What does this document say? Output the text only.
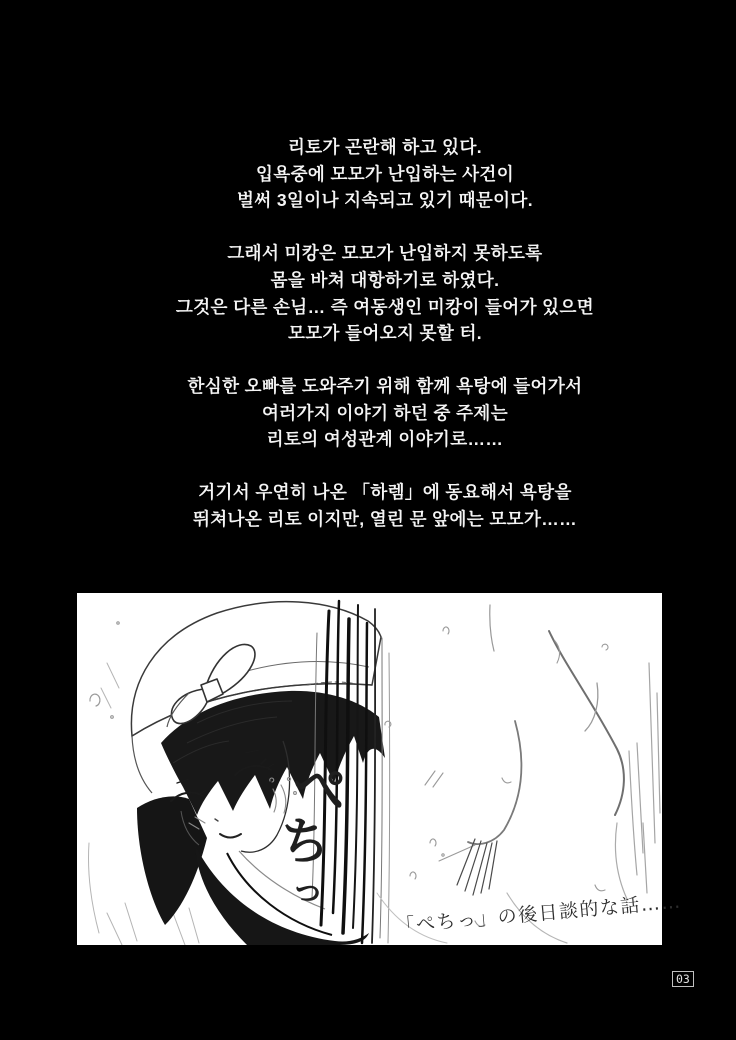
리토가 곤란해 하고 있다.
입욕중에 모모가 난입하는 사건이
벌써 3일이나 지속되고 있기 때문이다.
그래서 미캉은 모모가 난입하지 못하도록
몸을 바쳐 대항하기로 하였다.
그것은 다른 손님… 즉 여동생인 미캉이 들어가 있으면
모모가 들어오지 못할 터.
한심한 오빠를 도와주기 위해 함께 욕탕에 들어가서
여러가지 이야기 하던 중 주제는
리토의 여성관계 이야기로……
거기서 우연히 나온 「하렘」에 동요해서 욕탕을
뛰쳐나온 리토 이지만, 열린 문 앞에는 모모가……
ぺ
ち
っ
「ぺちっ」の後日談的な話……
03
